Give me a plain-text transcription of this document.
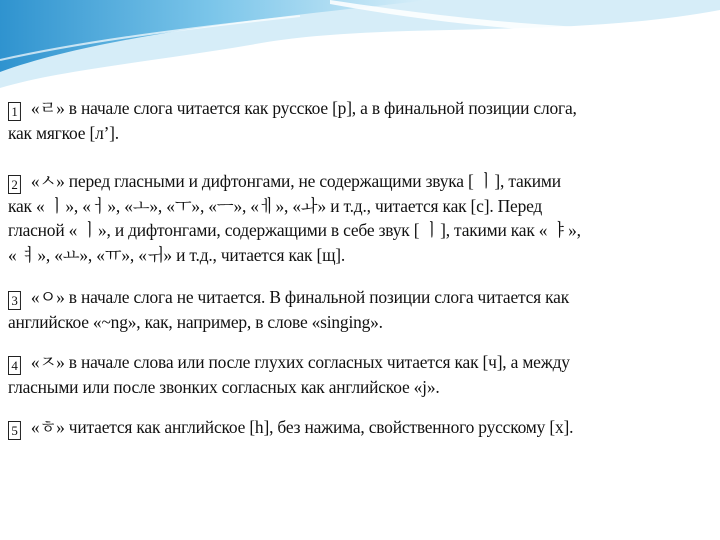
1 «ㄹ» в начале слога читается как русское [р], а в финальной позиции слога,
как мягкое [л’].
2 «ㅅ» перед гласными и дифтонгами, не содержащими звука [ ㅣ], такими
как « ㅣ», «ㅓ», «ㅗ», «ㅜ», «ㅡ», «ㅔ», «ㅘ» и т.д., читается как [с]. Перед
гласной « ㅣ», и дифтонгами, содержащими в себе звук [ ㅣ], такими как « ㅑ»,
« ㅕ», «ㅛ», «ㅠ», «ㅟ» и т.д., читается как [щ].
3 «ㅇ» в начале слога не читается. В финальной позиции слога читается как
английское «~ng», как, например, в слове «singing».
4 «ㅈ» в начале слова или после глухих согласных читается как [ч], а между
гласными или после звонких согласных как английское «j».
5 «ㅎ» читается как английское [h], без нажима, свойственного русскому [х].
